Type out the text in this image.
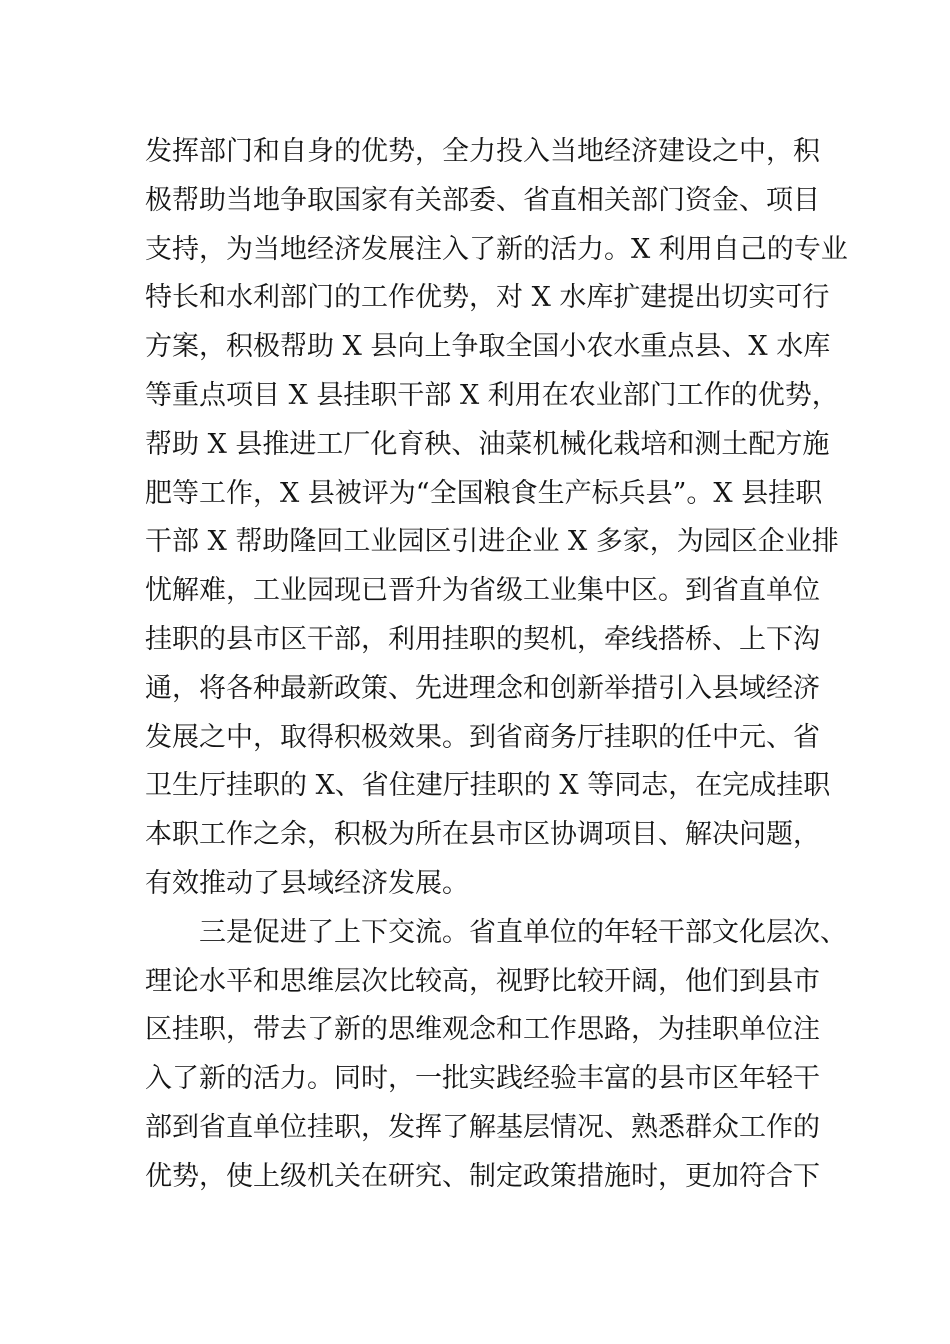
发挥部门和自身的优势，全力投入当地经济建设之中，积
极帮助当地争取国家有关部委、省直相关部门资金、项目
支持，为当地经济发展注入了新的活力。X 利用自己的专业
特长和水利部门的工作优势，对 X 水库扩建提出切实可行
方案，积极帮助 X 县向上争取全国小农水重点县、X 水库
等重点项目 X 县挂职干部 X 利用在农业部门工作的优势，
帮助 X 县推进工厂化育秧、油菜机械化栽培和测土配方施
肥等工作，X 县被评为“全国粮食生产标兵县”。X 县挂职
干部 X 帮助隆回工业园区引进企业 X 多家，为园区企业排
忧解难，工业园现已晋升为省级工业集中区。到省直单位
挂职的县市区干部，利用挂职的契机，牵线搭桥、上下沟
通，将各种最新政策、先进理念和创新举措引入县域经济
发展之中，取得积极效果。到省商务厅挂职的任中元、省
卫生厅挂职的 X、省住建厅挂职的 X 等同志，在完成挂职
本职工作之余，积极为所在县市区协调项目、解决问题，
有效推动了县域经济发展。
三是促进了上下交流。省直单位的年轻干部文化层次、
理论水平和思维层次比较高，视野比较开阔，他们到县市
区挂职，带去了新的思维观念和工作思路，为挂职单位注
入了新的活力。同时，一批实践经验丰富的县市区年轻干
部到省直单位挂职，发挥了解基层情况、熟悉群众工作的
优势，使上级机关在研究、制定政策措施时，更加符合下
